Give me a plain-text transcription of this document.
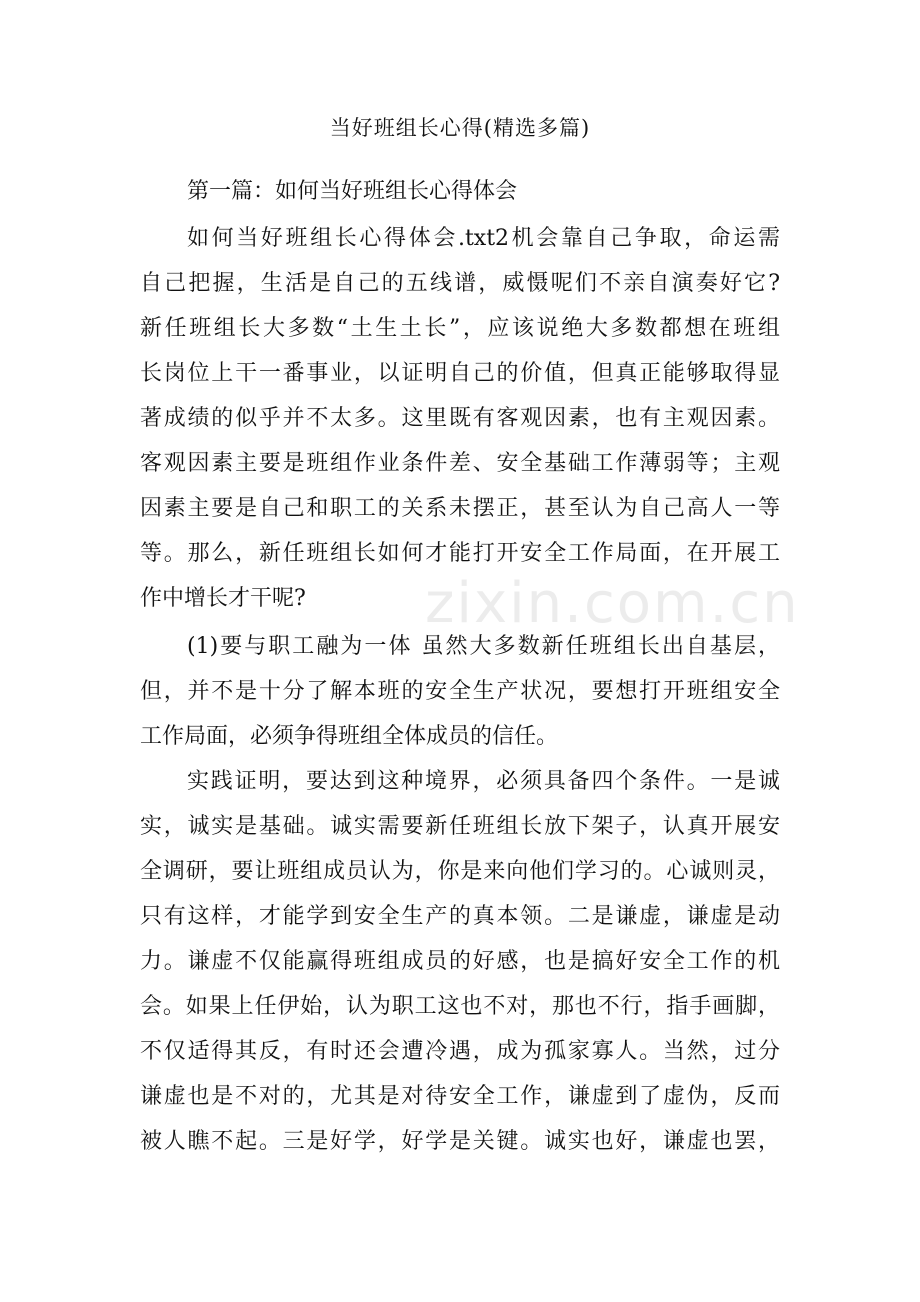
当好班组长心得(精选多篇)
第一篇：如何当好班组长心得体会
如何当好班组长心得体会.txt2机会靠自己争取，命运需
自己把握，生活是自己的五线谱，威慑呢们不亲自演奏好它?
新任班组长大多数“土生土长”，应该说绝大多数都想在班组
长岗位上干一番事业，以证明自己的价值，但真正能够取得显
著成绩的似乎并不太多。这里既有客观因素，也有主观因素。
客观因素主要是班组作业条件差、安全基础工作薄弱等；主观
因素主要是自己和职工的关系未摆正，甚至认为自己高人一等
等。那么，新任班组长如何才能打开安全工作局面，在开展工
作中增长才干呢?
(1)要与职工融为一体 虽然大多数新任班组长出自基层，
但，并不是十分了解本班的安全生产状况，要想打开班组安全
工作局面，必须争得班组全体成员的信任。
实践证明，要达到这种境界，必须具备四个条件。一是诚
实，诚实是基础。诚实需要新任班组长放下架子，认真开展安
全调研，要让班组成员认为，你是来向他们学习的。心诚则灵，
只有这样，才能学到安全生产的真本领。二是谦虚，谦虚是动
力。谦虚不仅能赢得班组成员的好感，也是搞好安全工作的机
会。如果上任伊始，认为职工这也不对，那也不行，指手画脚，
不仅适得其反，有时还会遭冷遇，成为孤家寡人。当然，过分
谦虚也是不对的，尤其是对待安全工作，谦虚到了虚伪，反而
被人瞧不起。三是好学，好学是关键。诚实也好，谦虚也罢，
zixin.com.cn
